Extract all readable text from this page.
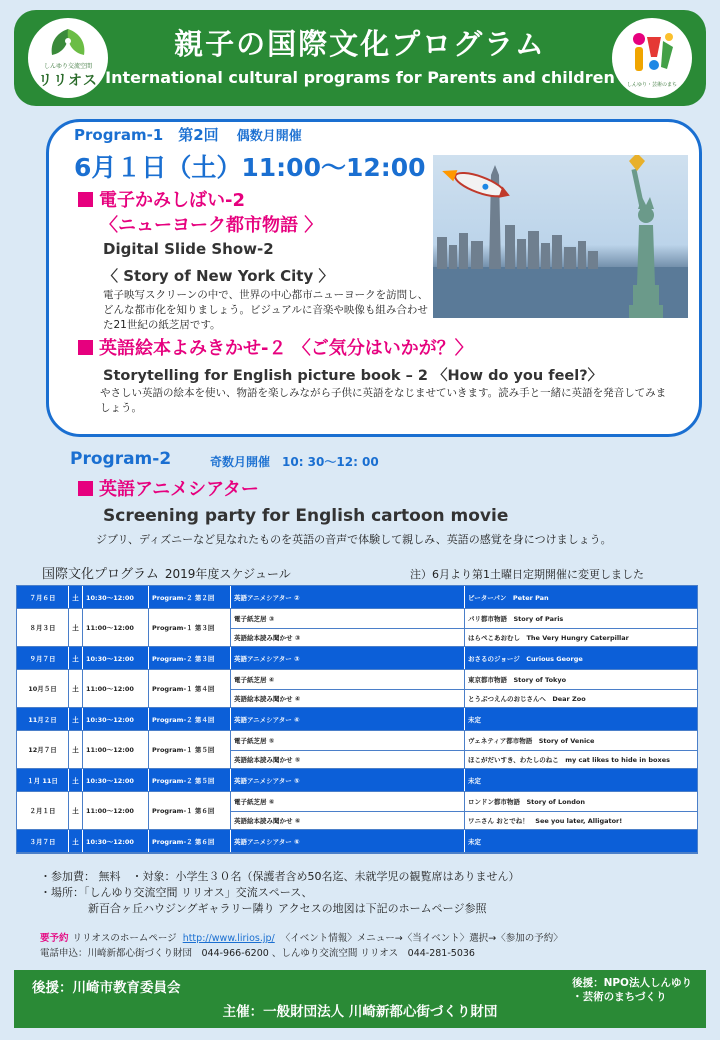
しんゆり交流空間
リリオス
親子の国際文化プログラム
International cultural programs for Parents and children	しんゆり・芸術のまち
Program-1　第2回 偶数月開催
6月１日（土）11:00～12:00
電子かみしばい-2
〈ニューヨーク都市物語 〉
Digital Slide Show-2
〈 Story of New York City 〉
電子映写スクリーンの中で、世界の中心都市ニューヨークを訪問し、どんな都市化を知りましょう。ビジュアルに音楽や映像も組み合わせた21世紀の紙芝居です。
英語絵本よみきかせ-２ 〈ご気分はいかが？〉
Storytelling for English picture book – 2 〈How do you feel?〉
やさしい英語の絵本を使い、物語を楽しみながら子供に英語をなじませていきます。読み手と一緒に英語を発音してみましょう。
Program-2	奇数月開催　10: 30～12: 00
英語アニメシアター
Screening party for English cartoon movie
ジブリ、ディズニーなど見なれたものを英語の音声で体験して親しみ、英語の感覚を身につけましょう。
国際文化プログラム 2019年度スケジュール	注）6月より第1土曜日定期開催に変更しました
７月６日	土	10:30～12:00	Program-２ 第２回	英語アニメシアター ②	ピーターパン　Peter Pan
８月３日	土	11:00～12:00	Program-１ 第３回
電子紙芝居 ③	パリ都市物語　Story of Paris
英語絵本読み聞かせ ③	はらぺこあおむし　The Very Hungry Caterpillar
９月７日	土	10:30～12:00	Program-２ 第３回	英語アニメシアター ③	おさるのジョージ　Curious George
10月５日	土	11:00～12:00	Program-１ 第４回
電子紙芝居 ④	東京都市物語　Story of Tokyo
英語絵本読み聞かせ ④	とうぶつえんのおじさんへ　Dear Zoo
11月２日	土	10:30～12:00	Program-２ 第４回	英語アニメシアター ④	未定
12月７日	土	11:00～12:00	Program-１ 第５回
電子紙芝居 ⑤	ヴェネティア都市物語　Story of Venice
英語絵本読み聞かせ ⑤	ほこがだいすき、わたしのねこ　my cat likes to hide in boxes
１月 11日	土	10:30～12:00	Program-２ 第５回	英語アニメシアター ⑤	未定
２月１日	土	11:00～12:00	Program-１ 第６回
電子紙芝居 ⑥	ロンドン都市物語　Story of London
英語絵本読み聞かせ ⑥	ワニさん おとでね！　See you later, Alligator!
３月７日	土	10:30～12:00	Program-２ 第６回	英語アニメシアター ⑥	未定
・参加費： 無料　・対象：小学生３０名（保護者含め50名迄、未就学児の観覧席はありません）
・場所：「しんゆり交流空間 リリオス」交流スペース、
新百合ヶ丘ハウジングギャラリー隣り アクセスの地図は下記のホームページ参照
要予約 リリオスのホームページ http://www.lirios.jp/ 〈イベント情報〉メニュー→〈当イベント〉選択→〈参加の予約〉
電話申込：川崎新都心街づくり財団　044-966-6200 、しんゆり交流空間 リリオス　044-281-5036
後援：川崎市教育委員会
主催：一般財団法人 川崎新都心街づくり財団
後援：NPO法人しんゆり
・芸術のまちづくり
